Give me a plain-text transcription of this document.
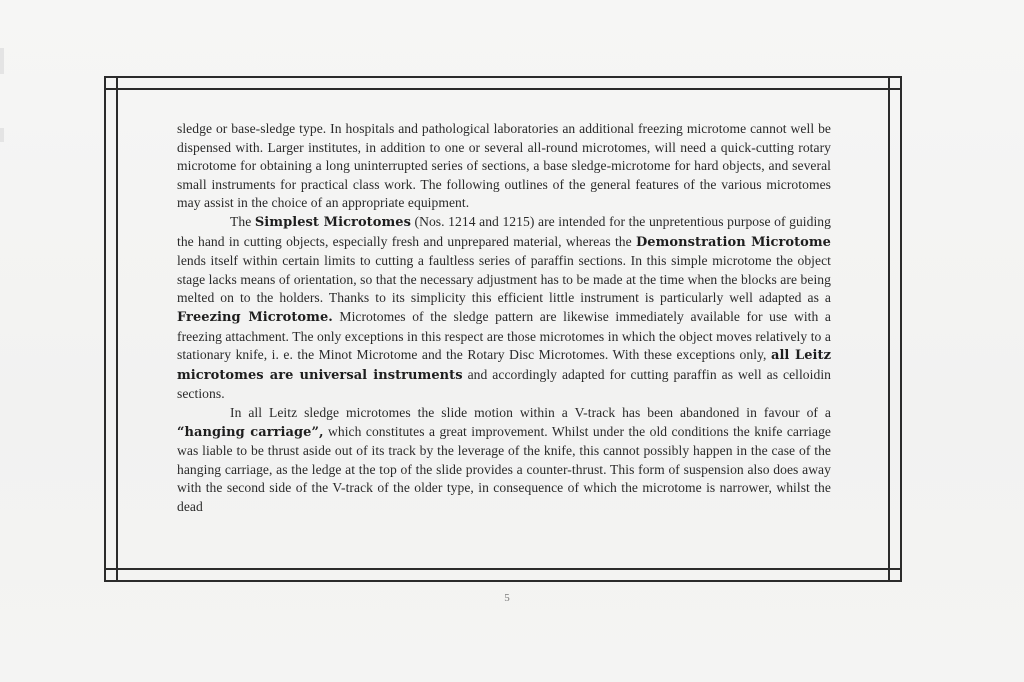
sledge or base-sledge type. In hospitals and pathological laboratories an additional freezing microtome cannot well be dispensed with. Larger institutes, in addition to one or several all-round microtomes, will need a quick-cutting rotary microtome for obtaining a long uninterrupted series of sections, a base sledge-microtome for hard objects, and several small instruments for practical class work. The following outlines of the general features of the various microtomes may assist in the choice of an appropriate equipment.

The Simplest Microtomes (Nos. 1214 and 1215) are intended for the unpretentious purpose of guiding the hand in cutting objects, especially fresh and unprepared material, whereas the Demonstration Microtome lends itself within certain limits to cutting a faultless series of paraffin sections. In this simple microtome the object stage lacks means of orientation, so that the necessary adjustment has to be made at the time when the blocks are being melted on to the holders. Thanks to its simplicity this efficient little instrument is particularly well adapted as a Freezing Microtome. Microtomes of the sledge pattern are likewise immediately available for use with a freezing attachment. The only exceptions in this respect are those microtomes in which the object moves relatively to a stationary knife, i. e. the Minot Microtome and the Rotary Disc Microtomes. With these exceptions only, all Leitz microtomes are universal instruments and accordingly adapted for cutting paraffin as well as celloidin sections.

In all Leitz sledge microtomes the slide motion within a V-track has been abandoned in favour of a “hanging carriage”, which constitutes a great improvement. Whilst under the old conditions the knife carriage was liable to be thrust aside out of its track by the leverage of the knife, this cannot possibly happen in the case of the hanging carriage, as the ledge at the top of the slide provides a counter-thrust. This form of suspension also does away with the second side of the V-track of the older type, in consequence of which the microtome is narrower, whilst the dead

5
